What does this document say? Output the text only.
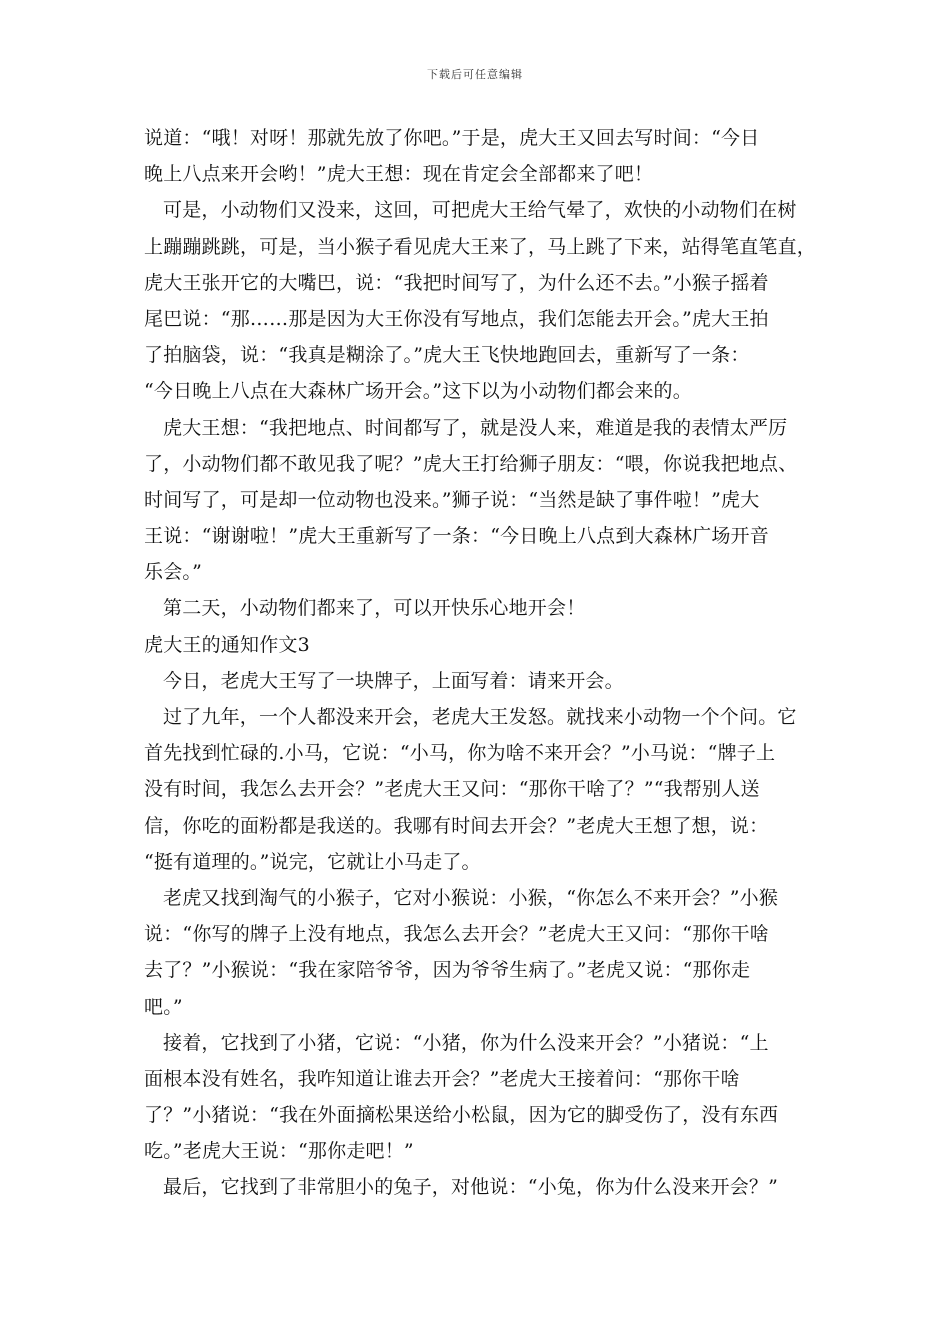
下载后可任意编辑
说道：“哦！对呀！那就先放了你吧。”于是，虎大王又回去写时间：“今日
晚上八点来开会哟！”虎大王想：现在肯定会全部都来了吧！
可是，小动物们又没来，这回，可把虎大王给气晕了，欢快的小动物们在树
上蹦蹦跳跳，可是，当小猴子看见虎大王来了，马上跳了下来，站得笔直笔直，
虎大王张开它的大嘴巴，说：“我把时间写了，为什么还不去。”小猴子摇着
尾巴说：“那……那是因为大王你没有写地点，我们怎能去开会。”虎大王拍
了拍脑袋，说：“我真是糊涂了。”虎大王飞快地跑回去，重新写了一条：
“今日晚上八点在大森林广场开会。”这下以为小动物们都会来的。
虎大王想：“我把地点、时间都写了，就是没人来，难道是我的表情太严厉
了，小动物们都不敢见我了呢？”虎大王打给狮子朋友：“喂，你说我把地点、
时间写了，可是却一位动物也没来。”狮子说：“当然是缺了事件啦！”虎大
王说：“谢谢啦！”虎大王重新写了一条：“今日晚上八点到大森林广场开音
乐会。”
第二天，小动物们都来了，可以开快乐心地开会！
虎大王的通知作文3
今日，老虎大王写了一块牌子，上面写着：请来开会。
过了九年，一个人都没来开会，老虎大王发怒。就找来小动物一个个问。它
首先找到忙碌的.小马，它说：“小马，你为啥不来开会？”小马说：“牌子上
没有时间，我怎么去开会？”老虎大王又问：“那你干啥了？”“我帮别人送
信，你吃的面粉都是我送的。我哪有时间去开会？”老虎大王想了想，说：
“挺有道理的。”说完，它就让小马走了。
老虎又找到淘气的小猴子，它对小猴说：小猴，“你怎么不来开会？”小猴
说：“你写的牌子上没有地点，我怎么去开会？”老虎大王又问：“那你干啥
去了？”小猴说：“我在家陪爷爷，因为爷爷生病了。”老虎又说：“那你走
吧。”
接着，它找到了小猪，它说：“小猪，你为什么没来开会？”小猪说：“上
面根本没有姓名，我咋知道让谁去开会？”老虎大王接着问：“那你干啥
了？”小猪说：“我在外面摘松果送给小松鼠，因为它的脚受伤了，没有东西
吃。”老虎大王说：“那你走吧！”
最后，它找到了非常胆小的兔子，对他说：“小兔，你为什么没来开会？”
